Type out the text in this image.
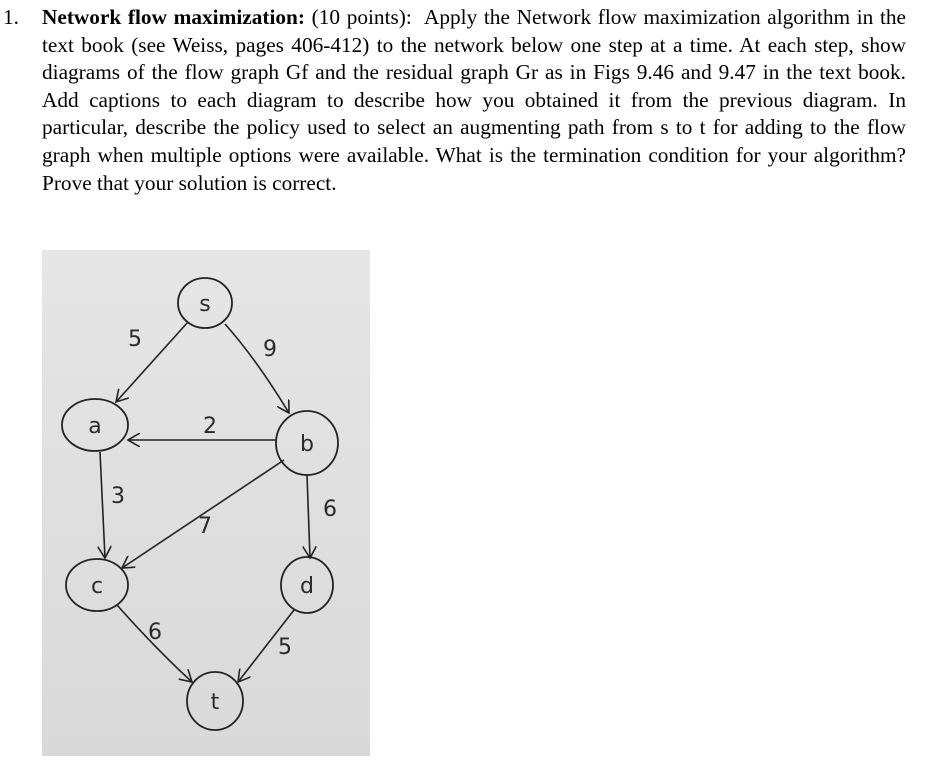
1. Network flow maximization: (10 points): Apply the Network flow maximization algorithm in the text book (see Weiss, pages 406-412) to the network below one step at a time. At each step, show diagrams of the flow graph Gf and the residual graph Gr as in Figs 9.46 and 9.47 in the text book. Add captions to each diagram to describe how you obtained it from the previous diagram. In particular, describe the policy used to select an augmenting path from s to t for adding to the flow graph when multiple options were available. What is the termination condition for your algorithm? Prove that your solution is correct.
s
a
b
c	d
t
5	9
2
3
7
6
6
5
